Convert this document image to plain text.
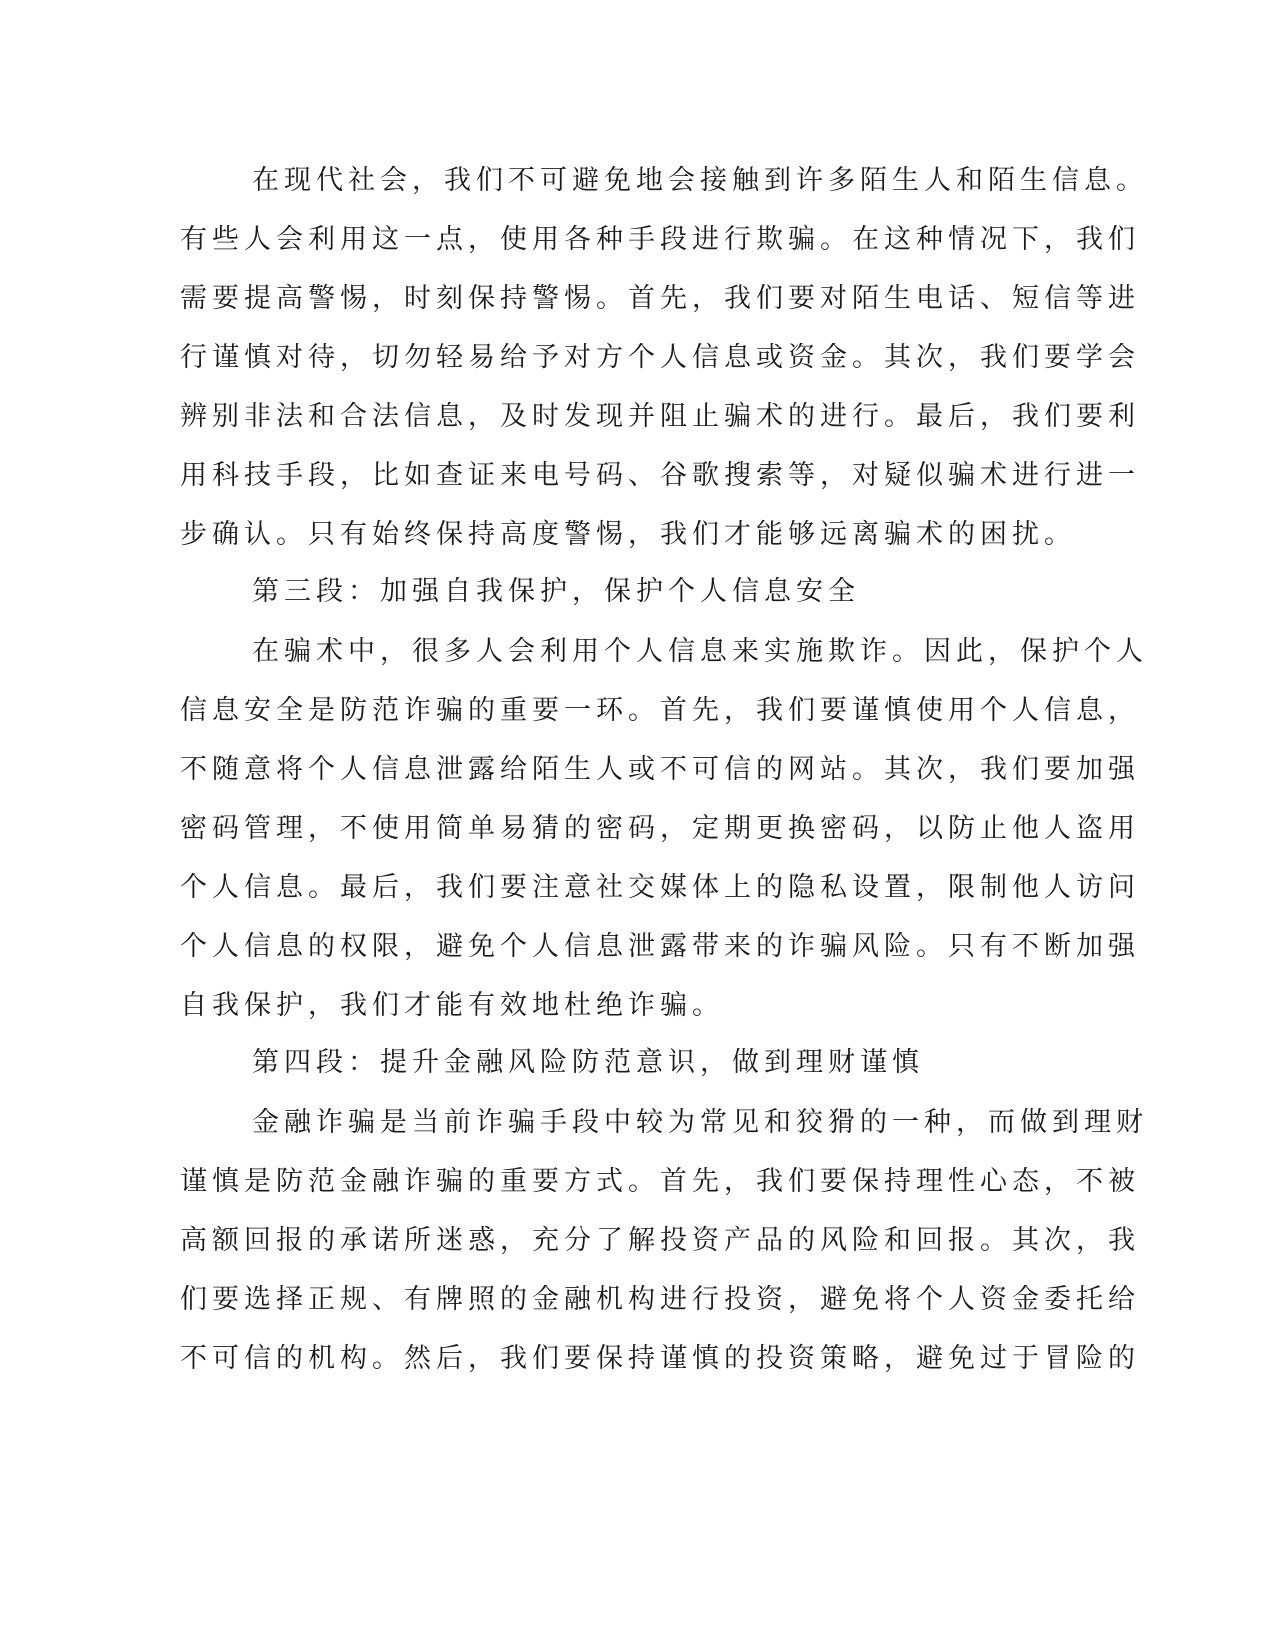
在现代社会，我们不可避免地会接触到许多陌生人和陌生信息。
有些人会利用这一点，使用各种手段进行欺骗。在这种情况下，我们
需要提高警惕，时刻保持警惕。首先，我们要对陌生电话、短信等进
行谨慎对待，切勿轻易给予对方个人信息或资金。其次，我们要学会
辨别非法和合法信息，及时发现并阻止骗术的进行。最后，我们要利
用科技手段，比如查证来电号码、谷歌搜索等，对疑似骗术进行进一
步确认。只有始终保持高度警惕，我们才能够远离骗术的困扰。
第三段：加强自我保护，保护个人信息安全
在骗术中，很多人会利用个人信息来实施欺诈。因此，保护个人
信息安全是防范诈骗的重要一环。首先，我们要谨慎使用个人信息，
不随意将个人信息泄露给陌生人或不可信的网站。其次，我们要加强
密码管理，不使用简单易猜的密码，定期更换密码，以防止他人盗用
个人信息。最后，我们要注意社交媒体上的隐私设置，限制他人访问
个人信息的权限，避免个人信息泄露带来的诈骗风险。只有不断加强
自我保护，我们才能有效地杜绝诈骗。
第四段：提升金融风险防范意识，做到理财谨慎
金融诈骗是当前诈骗手段中较为常见和狡猾的一种，而做到理财
谨慎是防范金融诈骗的重要方式。首先，我们要保持理性心态，不被
高额回报的承诺所迷惑，充分了解投资产品的风险和回报。其次，我
们要选择正规、有牌照的金融机构进行投资，避免将个人资金委托给
不可信的机构。然后，我们要保持谨慎的投资策略，避免过于冒险的
